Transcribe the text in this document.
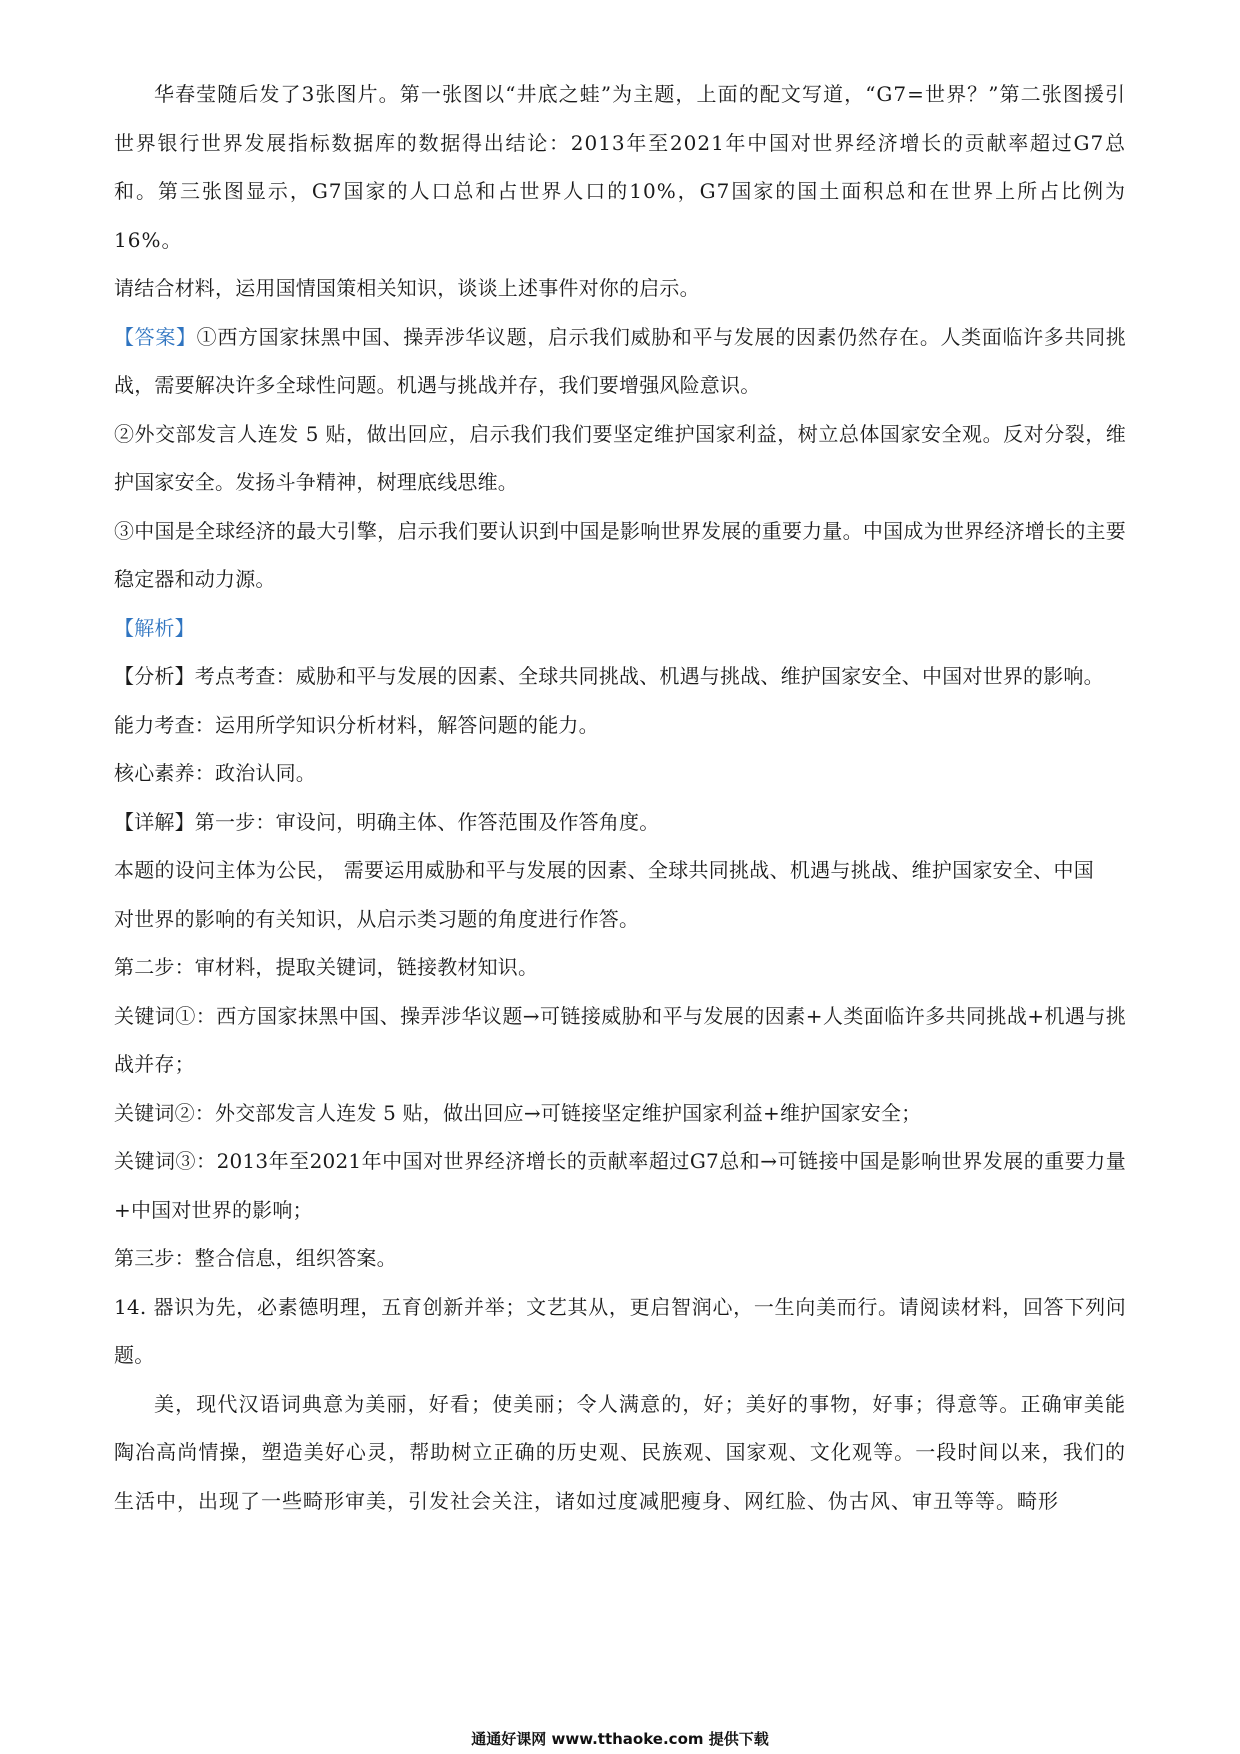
华春莹随后发了3张图片。第一张图以“井底之蛙”为主题，上面的配文写道，“G7=世界？”第二张图援引世界银行世界发展指标数据库的数据得出结论：2013年至2021年中国对世界经济增长的贡献率超过G7总和。第三张图显示，G7国家的人口总和占世界人口的10%，G7国家的国土面积总和在世界上所占比例为16%。

请结合材料，运用国情国策相关知识，谈谈上述事件对你的启示。

【答案】①西方国家抹黑中国、操弄涉华议题，启示我们威胁和平与发展的因素仍然存在。人类面临许多共同挑战，需要解决许多全球性问题。机遇与挑战并存，我们要增强风险意识。

②外交部发言人连发 5 贴，做出回应，启示我们我们要坚定维护国家利益，树立总体国家安全观。反对分裂，维护国家安全。发扬斗争精神，树理底线思维。

③中国是全球经济的最大引擎，启示我们要认识到中国是影响世界发展的重要力量。中国成为世界经济增长的主要稳定器和动力源。

【解析】

【分析】考点考查：威胁和平与发展的因素、全球共同挑战、机遇与挑战、维护国家安全、中国对世界的影响。

能力考查：运用所学知识分析材料，解答问题的能力。

核心素养：政治认同。

【详解】第一步：审设问，明确主体、作答范围及作答角度。

本题的设问主体为公民， 需要运用威胁和平与发展的因素、全球共同挑战、机遇与挑战、维护国家安全、中国对世界的影响的有关知识，从启示类习题的角度进行作答。

第二步：审材料，提取关键词，链接教材知识。

关键词①：西方国家抹黑中国、操弄涉华议题→可链接威胁和平与发展的因素+人类面临许多共同挑战+机遇与挑战并存；

关键词②：外交部发言人连发 5 贴，做出回应→可链接坚定维护国家利益+维护国家安全；

关键词③：2013年至2021年中国对世界经济增长的贡献率超过G7总和→可链接中国是影响世界发展的重要力量+中国对世界的影响；

第三步：整合信息，组织答案。

14. 器识为先，必素德明理，五育创新并举；文艺其从，更启智润心，一生向美而行。请阅读材料，回答下列问题。

美，现代汉语词典意为美丽，好看；使美丽；令人满意的，好；美好的事物，好事；得意等。正确审美能陶冶高尚情操，塑造美好心灵，帮助树立正确的历史观、民族观、国家观、文化观等。一段时间以来，我们的生活中，出现了一些畸形审美，引发社会关注，诸如过度减肥瘦身、网红脸、伪古风、审丑等等。畸形

通通好课网 www.tthaoke.com 提供下载
